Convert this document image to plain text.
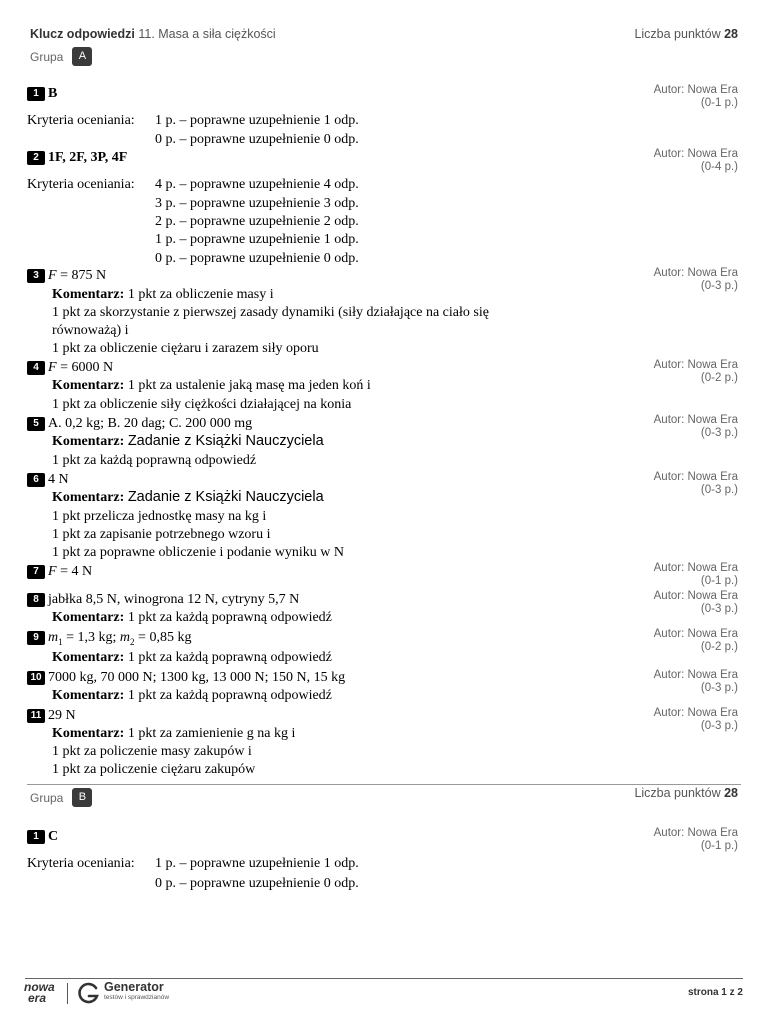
Klucz odpowiedzi 11. Masa a siła ciężkości	Liczba punktów 28
Grupa	A
1 B	Autor: Nowa Era
(0-1 p.)
Kryteria oceniania: 1 p. – poprawne uzupełnienie 1 odp.
0 p. – poprawne uzupełnienie 0 odp.
2 1F, 2F, 3P, 4F	Autor: Nowa Era
(0-4 p.)
Kryteria oceniania: 4 p. – poprawne uzupełnienie 4 odp.
3 p. – poprawne uzupełnienie 3 odp.
2 p. – poprawne uzupełnienie 2 odp.
1 p. – poprawne uzupełnienie 1 odp.
0 p. – poprawne uzupełnienie 0 odp.
3 F = 875 N	Autor: Nowa Era
(0-3 p.)
Komentarz: 1 pkt za obliczenie masy i
1 pkt za skorzystanie z pierwszej zasady dynamiki (siły działające na ciało się
równoważą) i
1 pkt za obliczenie ciężaru i zarazem siły oporu
4 F = 6000 N	Autor: Nowa Era
(0-2 p.)
Komentarz: 1 pkt za ustalenie jaką masę ma jeden koń i
1 pkt za obliczenie siły ciężkości działającej na konia
5 A. 0,2 kg; B. 20 dag; C. 200 000 mg	Autor: Nowa Era
(0-3 p.)
Komentarz: Zadanie z Książki Nauczyciela
1 pkt za każdą poprawną odpowiedź
6 4 N	Autor: Nowa Era
(0-3 p.)
Komentarz: Zadanie z Książki Nauczyciela
1 pkt przelicza jednostkę masy na kg i
1 pkt za zapisanie potrzebnego wzoru i
1 pkt za poprawne obliczenie i podanie wyniku w N
7 F = 4 N	Autor: Nowa Era
(0-1 p.)
8 jabłka 8,5 N, winogrona 12 N, cytryny 5,7 N	Autor: Nowa Era
(0-3 p.)
Komentarz: 1 pkt za każdą poprawną odpowiedź
9 $m_1 = 1,3$ kg; $m_2 = 0,85$ kg	Autor: Nowa Era
(0-2 p.)
Komentarz: 1 pkt za każdą poprawną odpowiedź
10 7000 kg, 70 000 N; 1300 kg, 13 000 N; 150 N, 15 kg	Autor: Nowa Era
(0-3 p.)
Komentarz: 1 pkt za każdą poprawną odpowiedź
11 29 N	Autor: Nowa Era
(0-3 p.)
Komentarz: 1 pkt za zamienienie g na kg i
1 pkt za policzenie masy zakupów i
1 pkt za policzenie ciężaru zakupów
Grupa	B	Liczba punktów 28
1 C	Autor: Nowa Era
(0-1 p.)
Kryteria oceniania: 1 p. – poprawne uzupełnienie 1 odp.
0 p. – poprawne uzupełnienie 0 odp.
nowa
era
Generator
testów i sprawdzianów	strona 1 z 2
